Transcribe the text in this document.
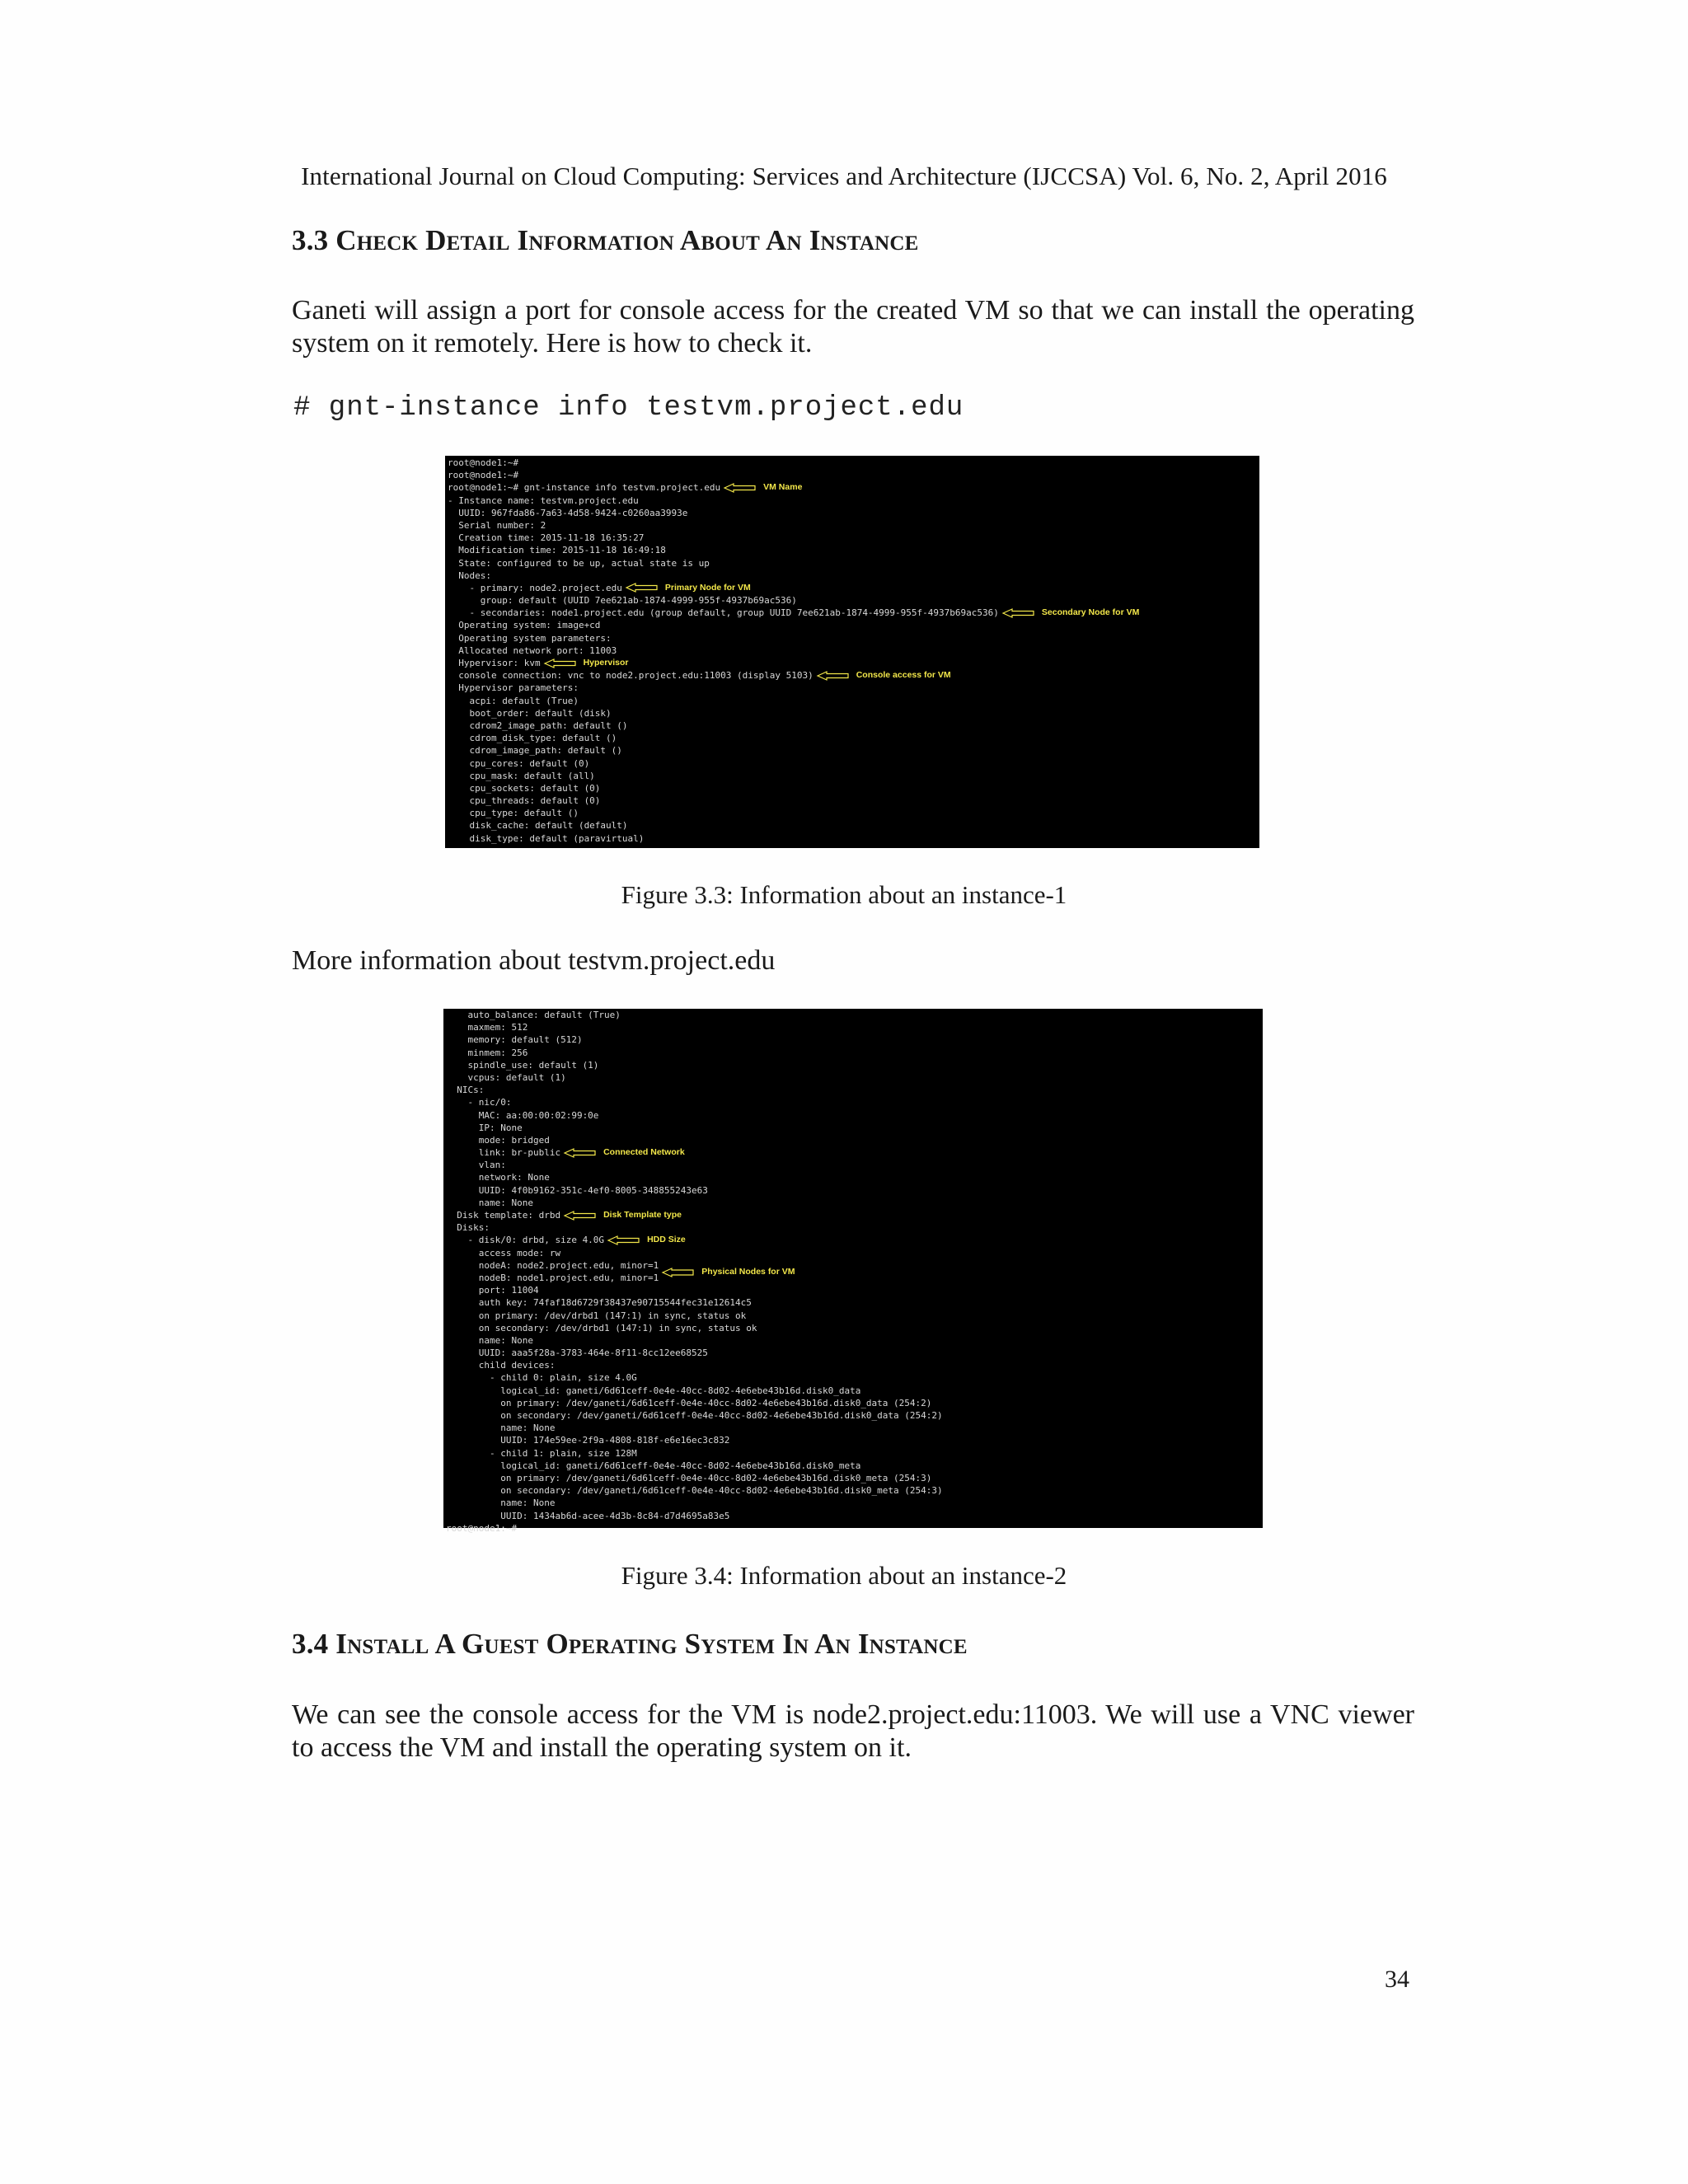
International Journal on Cloud Computing: Services and Architecture (IJCCSA) Vol. 6, No. 2, April 2016
3.3 Check Detail Information About An Instance
Ganeti will assign a port for console access for the created VM so that we can install the operating system on it remotely. Here is how to check it.
# gnt-instance info testvm.project.edu
root@node1:~#
root@node1:~#
root@node1:~# gnt-instance info testvm.project.edu	VM Name
- Instance name: testvm.project.edu
UUID: 967fda86-7a63-4d58-9424-c0260aa3993e
Serial number: 2
Creation time: 2015-11-18 16:35:27
Modification time: 2015-11-18 16:49:18
State: configured to be up, actual state is up
Nodes:
- primary: node2.project.edu	Primary Node for VM
group: default (UUID 7ee621ab-1874-4999-955f-4937b69ac536)
- secondaries: node1.project.edu (group default, group UUID 7ee621ab-1874-4999-955f-4937b69ac536)	Secondary Node for VM
Operating system: image+cd
Operating system parameters:
Allocated network port: 11003
Hypervisor: kvm	Hypervisor
console connection: vnc to node2.project.edu:11003 (display 5103)	Console access for VM
Hypervisor parameters:
acpi: default (True)
boot_order: default (disk)
cdrom2_image_path: default ()
cdrom_disk_type: default ()
cdrom_image_path: default ()
cpu_cores: default (0)
cpu_mask: default (all)
cpu_sockets: default (0)
cpu_threads: default (0)
cpu_type: default ()
disk_cache: default (default)
disk_type: default (paravirtual)
Figure 3.3: Information about an instance-1
More information about testvm.project.edu
auto_balance: default (True)
maxmem: 512
memory: default (512)
minmem: 256
spindle_use: default (1)
vcpus: default (1)
NICs:
- nic/0:
MAC: aa:00:00:02:99:0e
IP: None
mode: bridged
link: br-public	Connected Network
vlan:
network: None
UUID: 4f0b9162-351c-4ef0-8005-348855243e63
name: None
Disk template: drbd	Disk Template type
Disks:
- disk/0: drbd, size 4.0G	HDD Size
access mode: rw
nodeA: node2.project.edu, minor=1
nodeB: node1.project.edu, minor=1
Physical Nodes for VM
port: 11004
auth key: 74faf18d6729f38437e90715544fec31e12614c5
on primary: /dev/drbd1 (147:1) in sync, status ok
on secondary: /dev/drbd1 (147:1) in sync, status ok
name: None
UUID: aaa5f28a-3783-464e-8f11-8cc12ee68525
child devices:
- child 0: plain, size 4.0G
logical_id: ganeti/6d61ceff-0e4e-40cc-8d02-4e6ebe43b16d.disk0_data
on primary: /dev/ganeti/6d61ceff-0e4e-40cc-8d02-4e6ebe43b16d.disk0_data (254:2)
on secondary: /dev/ganeti/6d61ceff-0e4e-40cc-8d02-4e6ebe43b16d.disk0_data (254:2)
name: None
UUID: 174e59ee-2f9a-4808-818f-e6e16ec3c832
- child 1: plain, size 128M
logical_id: ganeti/6d61ceff-0e4e-40cc-8d02-4e6ebe43b16d.disk0_meta
on primary: /dev/ganeti/6d61ceff-0e4e-40cc-8d02-4e6ebe43b16d.disk0_meta (254:3)
on secondary: /dev/ganeti/6d61ceff-0e4e-40cc-8d02-4e6ebe43b16d.disk0_meta (254:3)
name: None
UUID: 1434ab6d-acee-4d3b-8c84-d7d4695a83e5
root@node1:~#
Figure 3.4: Information about an instance-2
3.4 Install A Guest Operating System In An Instance
We can see the console access for the VM is node2.project.edu:11003. We will use a VNC viewer to access the VM and install the operating system on it.
34
